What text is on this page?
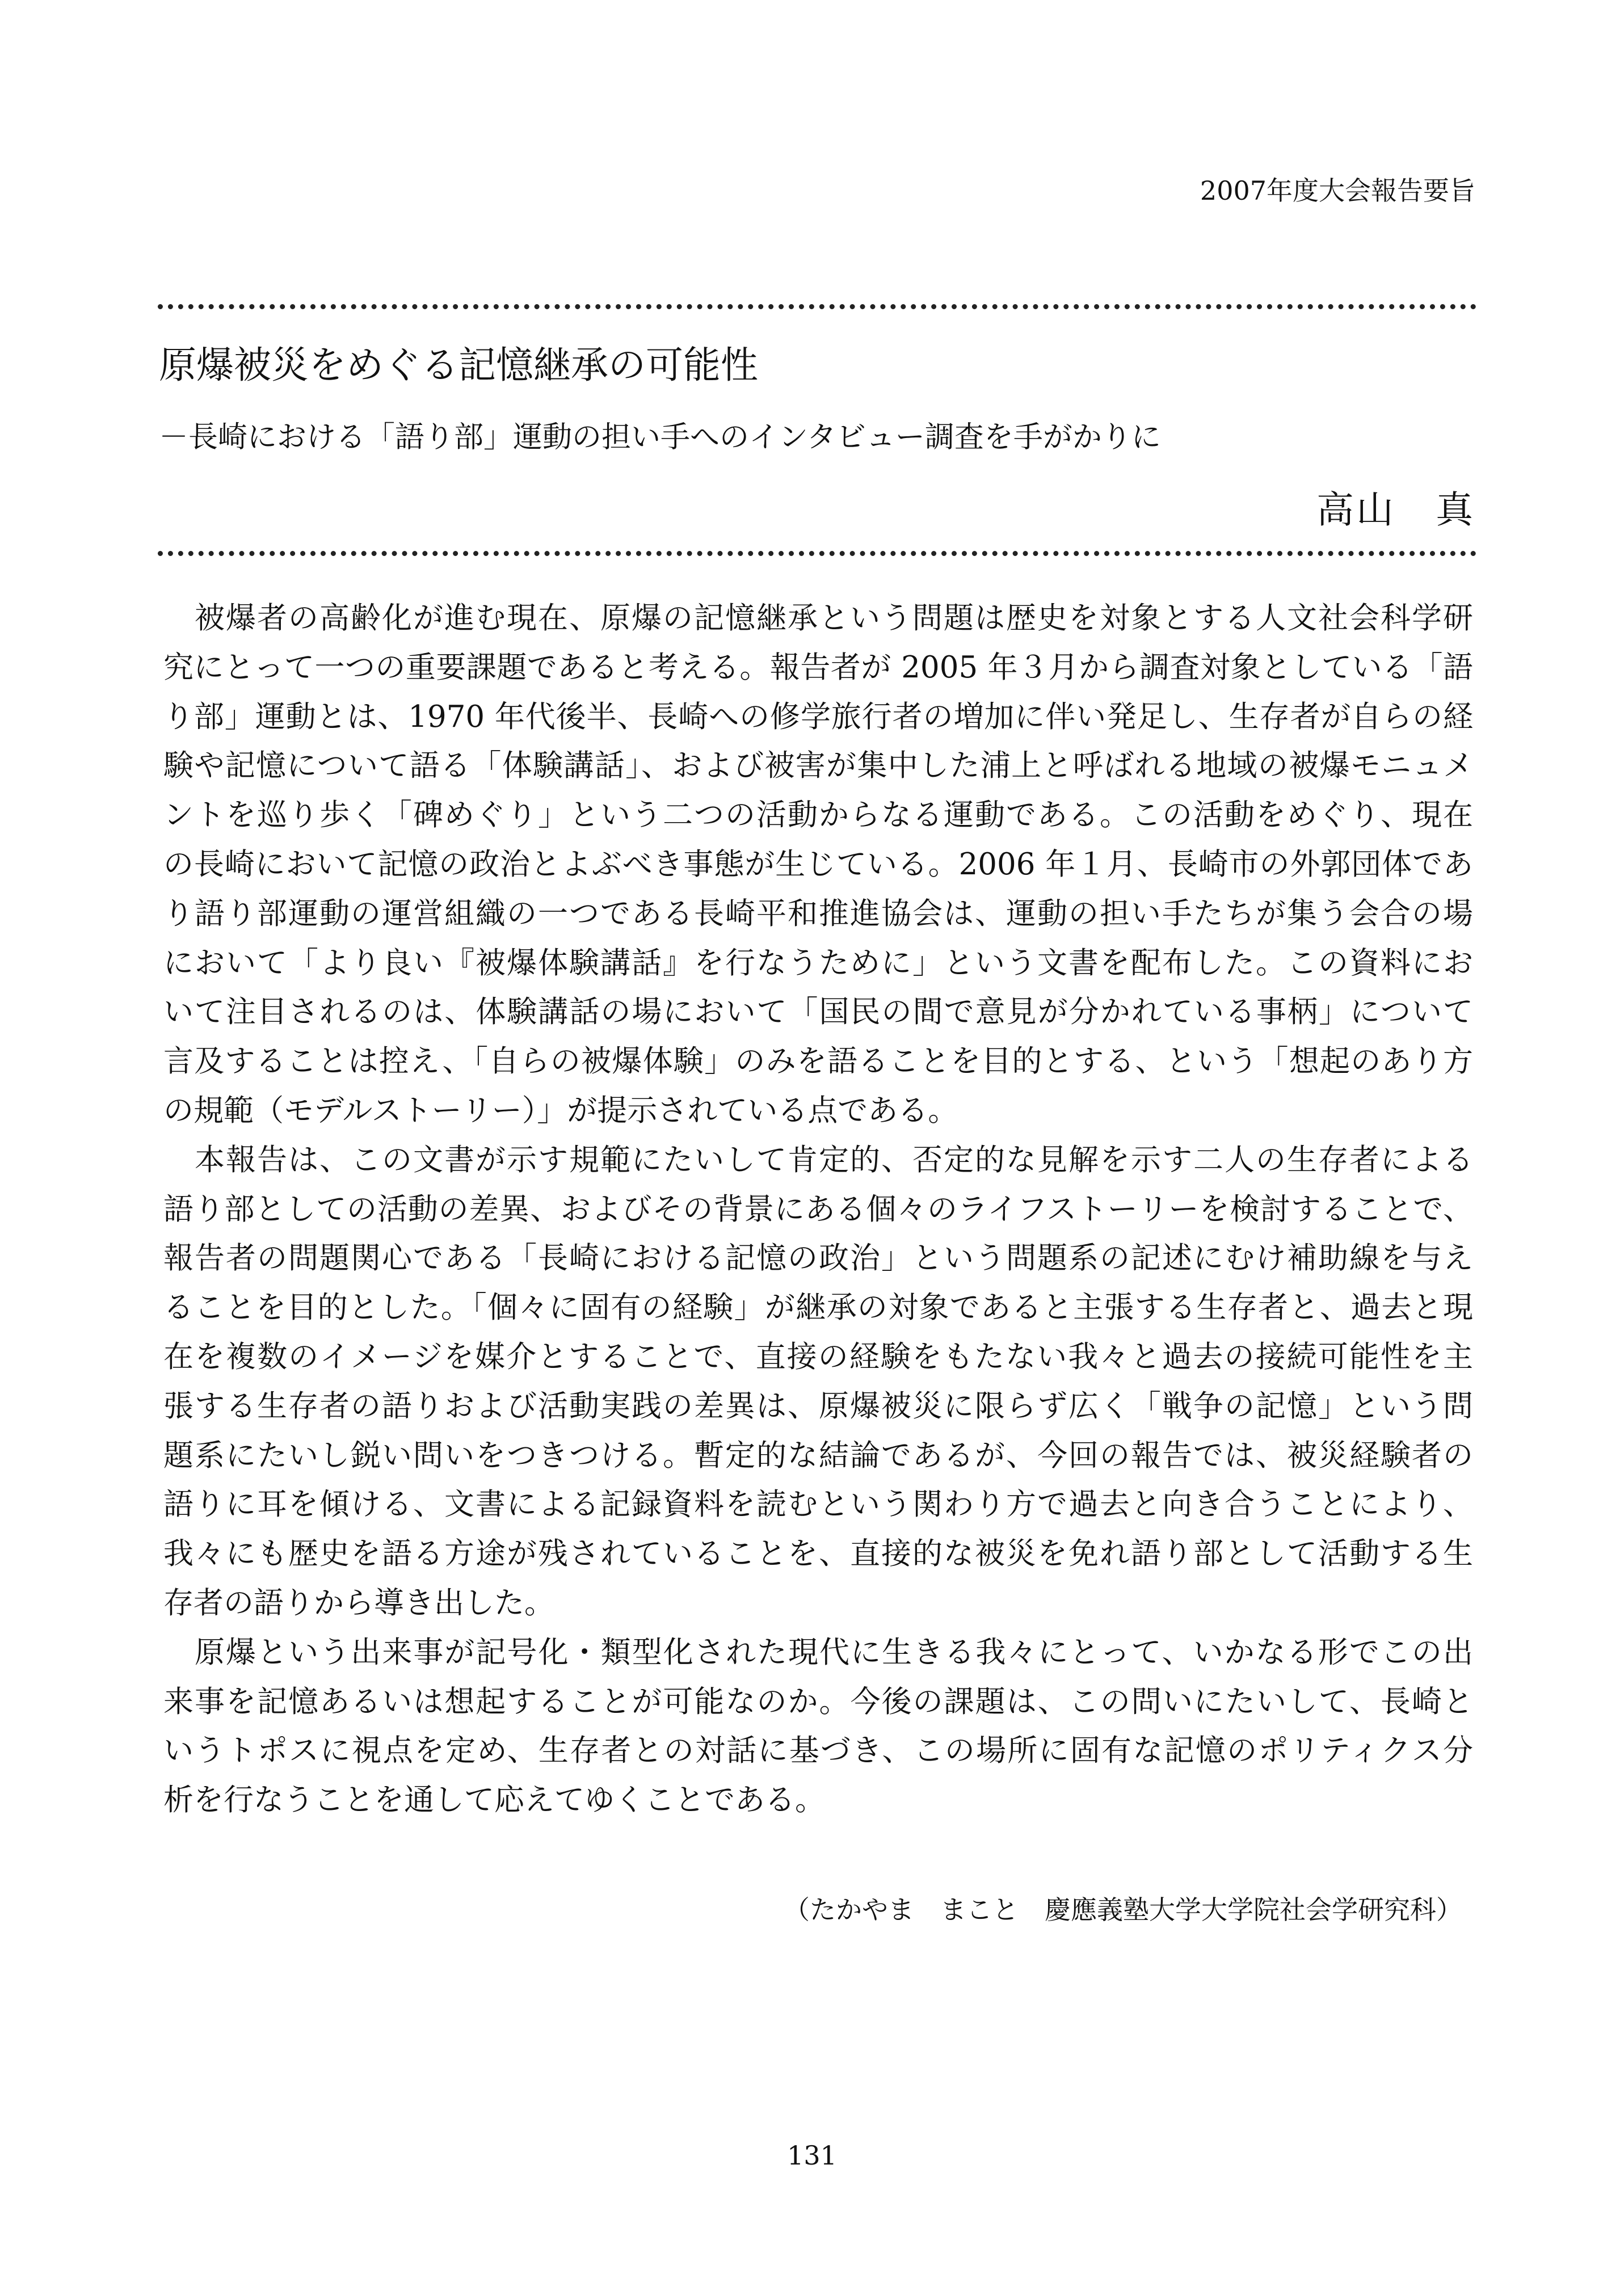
2007年度大会報告要旨
原爆被災をめぐる記憶継承の可能性
－長崎における「語り部」運動の担い手へのインタビュー調査を手がかりに
高山　真
被爆者の高齢化が進む現在、原爆の記憶継承という問題は歴史を対象とする人文社会科学研
究にとって一つの重要課題であると考える。報告者が 2005 年３月から調査対象としている「語
り部」運動とは、1970 年代後半、長崎への修学旅行者の増加に伴い発足し、生存者が自らの経
験や記憶について語る「体験講話」、および被害が集中した浦上と呼ばれる地域の被爆モニュメ
ントを巡り歩く「碑めぐり」という二つの活動からなる運動である。この活動をめぐり、現在
の長崎において記憶の政治とよぶべき事態が生じている。2006 年１月、長崎市の外郭団体であ
り語り部運動の運営組織の一つである長崎平和推進協会は、運動の担い手たちが集う会合の場
において「より良い『被爆体験講話』を行なうために」という文書を配布した。この資料にお
いて注目されるのは、体験講話の場において「国民の間で意見が分かれている事柄」について
言及することは控え、「自らの被爆体験」のみを語ることを目的とする、という「想起のあり方
の規範（モデルストーリー）」が提示されている点である。
本報告は、この文書が示す規範にたいして肯定的、否定的な見解を示す二人の生存者による
語り部としての活動の差異、およびその背景にある個々のライフストーリーを検討することで、
報告者の問題関心である「長崎における記憶の政治」という問題系の記述にむけ補助線を与え
ることを目的とした。「個々に固有の経験」が継承の対象であると主張する生存者と、過去と現
在を複数のイメージを媒介とすることで、直接の経験をもたない我々と過去の接続可能性を主
張する生存者の語りおよび活動実践の差異は、原爆被災に限らず広く「戦争の記憶」という問
題系にたいし鋭い問いをつきつける。暫定的な結論であるが、今回の報告では、被災経験者の
語りに耳を傾ける、文書による記録資料を読むという関わり方で過去と向き合うことにより、
我々にも歴史を語る方途が残されていることを、直接的な被災を免れ語り部として活動する生
存者の語りから導き出した。
原爆という出来事が記号化・類型化された現代に生きる我々にとって、いかなる形でこの出
来事を記憶あるいは想起することが可能なのか。今後の課題は、この問いにたいして、長崎と
いうトポスに視点を定め、生存者との対話に基づき、この場所に固有な記憶のポリティクス分
析を行なうことを通して応えてゆくことである。
（たかやま　まこと　慶應義塾大学大学院社会学研究科）
131
